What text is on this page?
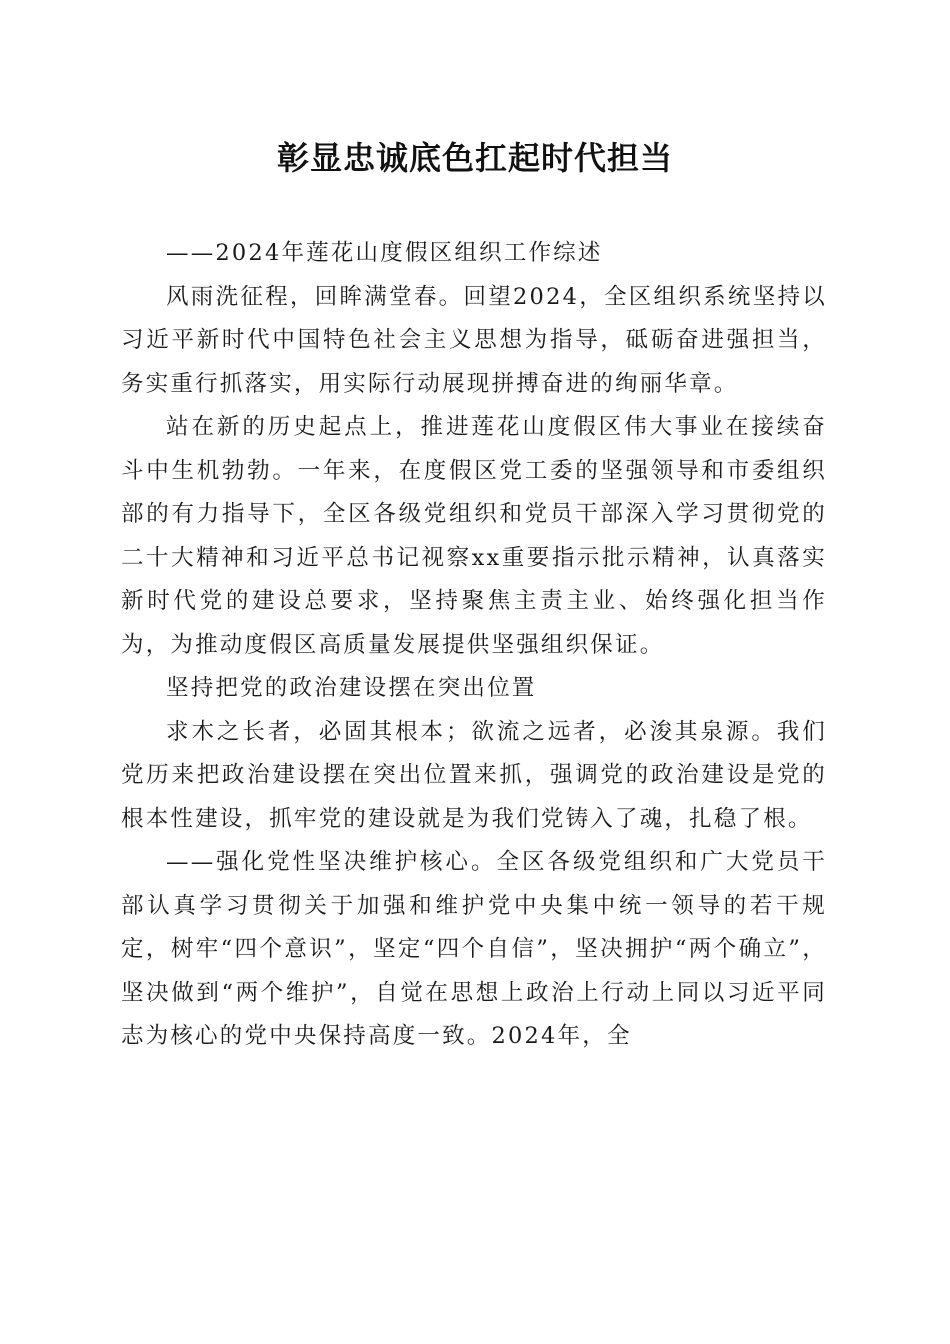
彰显忠诚底色扛起时代担当

——2024年莲花山度假区组织工作综述

风雨洗征程，回眸满堂春。回望2024，全区组织系统坚持以习近平新时代中国特色社会主义思想为指导，砥砺奋进强担当，务实重行抓落实，用实际行动展现拼搏奋进的绚丽华章。

站在新的历史起点上，推进莲花山度假区伟大事业在接续奋斗中生机勃勃。一年来，在度假区党工委的坚强领导和市委组织部的有力指导下，全区各级党组织和党员干部深入学习贯彻党的二十大精神和习近平总书记视察xx重要指示批示精神，认真落实新时代党的建设总要求，坚持聚焦主责主业、始终强化担当作为，为推动度假区高质量发展提供坚强组织保证。

坚持把党的政治建设摆在突出位置

求木之长者，必固其根本；欲流之远者，必浚其泉源。我们党历来把政治建设摆在突出位置来抓，强调党的政治建设是党的根本性建设，抓牢党的建设就是为我们党铸入了魂，扎稳了根。

——强化党性坚决维护核心。全区各级党组织和广大党员干部认真学习贯彻关于加强和维护党中央集中统一领导的若干规定，树牢“四个意识”，坚定“四个自信”，坚决拥护“两个确立”，坚决做到“两个维护”，自觉在思想上政治上行动上同以习近平同志为核心的党中央保持高度一致。2024年，全
